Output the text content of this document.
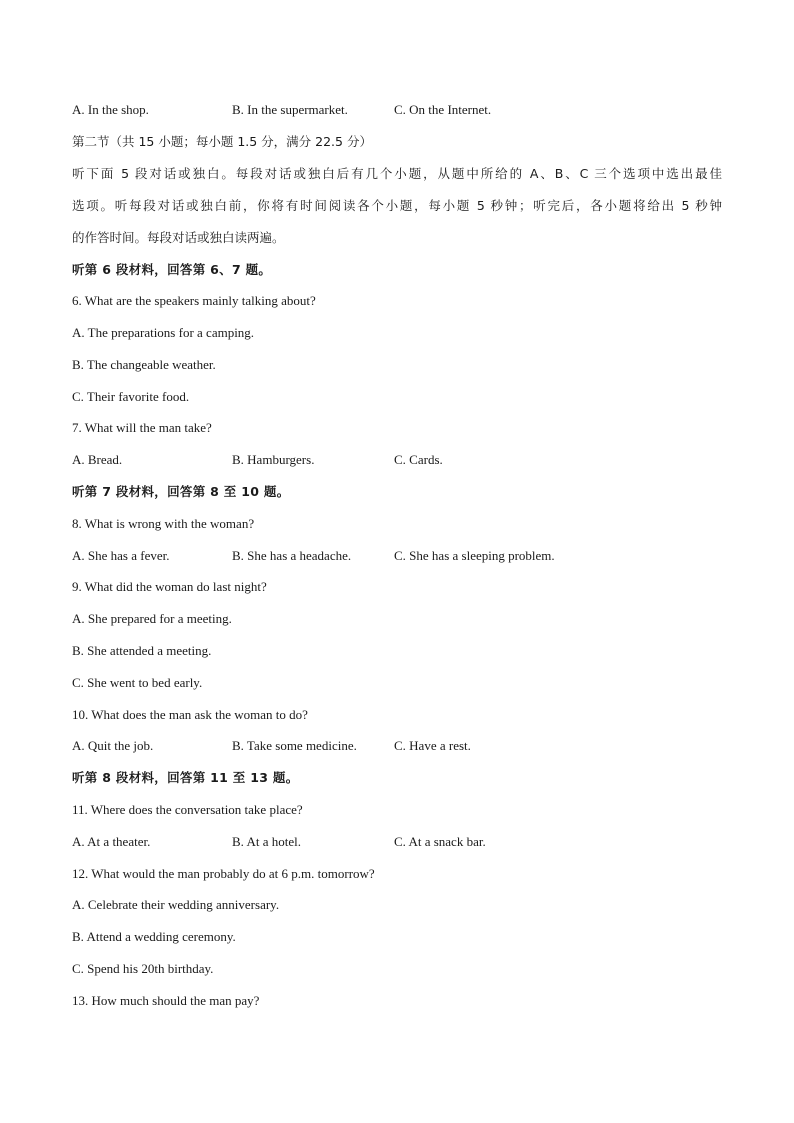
A. In the shop.	B. In the supermarket.	C. On the Internet.
第二节（共 15 小题；每小题 1.5 分，满分 22.5 分）
听下面 5 段对话或独白。每段对话或独白后有几个小题，从题中所给的 A、B、C 三个选项中选出最佳
选项。听每段对话或独白前，你将有时间阅读各个小题，每小题 5 秒钟；听完后，各小题将给出 5 秒钟
的作答时间。每段对话或独白读两遍。
听第 6 段材料，回答第 6、7 题。
6. What are the speakers mainly talking about?
A. The preparations for a camping.
B. The changeable weather.
C. Their favorite food.
7. What will the man take?
A. Bread.	B. Hamburgers.	C. Cards.
听第 7 段材料，回答第 8 至 10 题。
8. What is wrong with the woman?
A. She has a fever.	B. She has a headache.	C. She has a sleeping problem.
9. What did the woman do last night?
A. She prepared for a meeting.
B. She attended a meeting.
C. She went to bed early.
10. What does the man ask the woman to do?
A. Quit the job.	B. Take some medicine.	C. Have a rest.
听第 8 段材料，回答第 11 至 13 题。
11. Where does the conversation take place?
A. At a theater.	B. At a hotel.	C. At a snack bar.
12. What would the man probably do at 6 p.m. tomorrow?
A. Celebrate their wedding anniversary.
B. Attend a wedding ceremony.
C. Spend his 20th birthday.
13. How much should the man pay?
